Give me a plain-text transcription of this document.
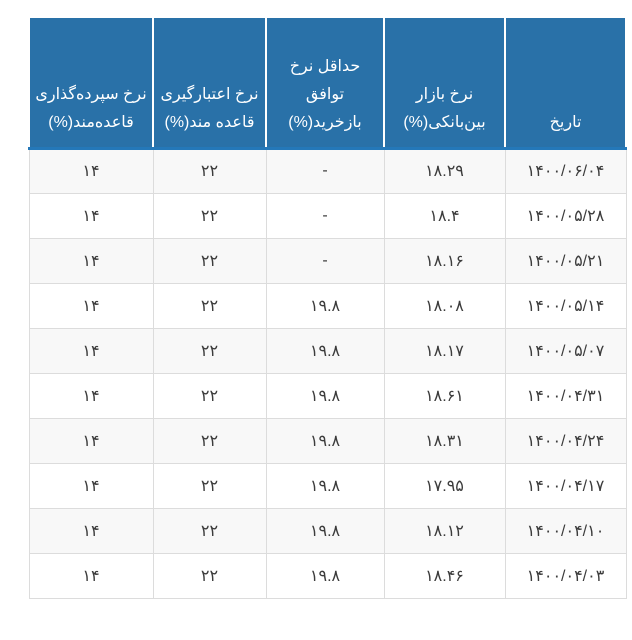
تاریخ	نرخ بازار بین‌بانکی(%)	حداقل نرخ توافق بازخرید(%)	نرخ اعتبارگیری قاعده مند(%)	نرخ سپرده‌گذاری قاعده‌مند(%)
۱۴۰۰/۰۶/۰۴	۱۸.۲۹	-	۲۲	۱۴
۱۴۰۰/۰۵/۲۸	۱۸.۴	-	۲۲	۱۴
۱۴۰۰/۰۵/۲۱	۱۸.۱۶	-	۲۲	۱۴
۱۴۰۰/۰۵/۱۴	۱۸.۰۸	۱۹.۸	۲۲	۱۴
۱۴۰۰/۰۵/۰۷	۱۸.۱۷	۱۹.۸	۲۲	۱۴
۱۴۰۰/۰۴/۳۱	۱۸.۶۱	۱۹.۸	۲۲	۱۴
۱۴۰۰/۰۴/۲۴	۱۸.۳۱	۱۹.۸	۲۲	۱۴
۱۴۰۰/۰۴/۱۷	۱۷.۹۵	۱۹.۸	۲۲	۱۴
۱۴۰۰/۰۴/۱۰	۱۸.۱۲	۱۹.۸	۲۲	۱۴
۱۴۰۰/۰۴/۰۳	۱۸.۴۶	۱۹.۸	۲۲	۱۴
